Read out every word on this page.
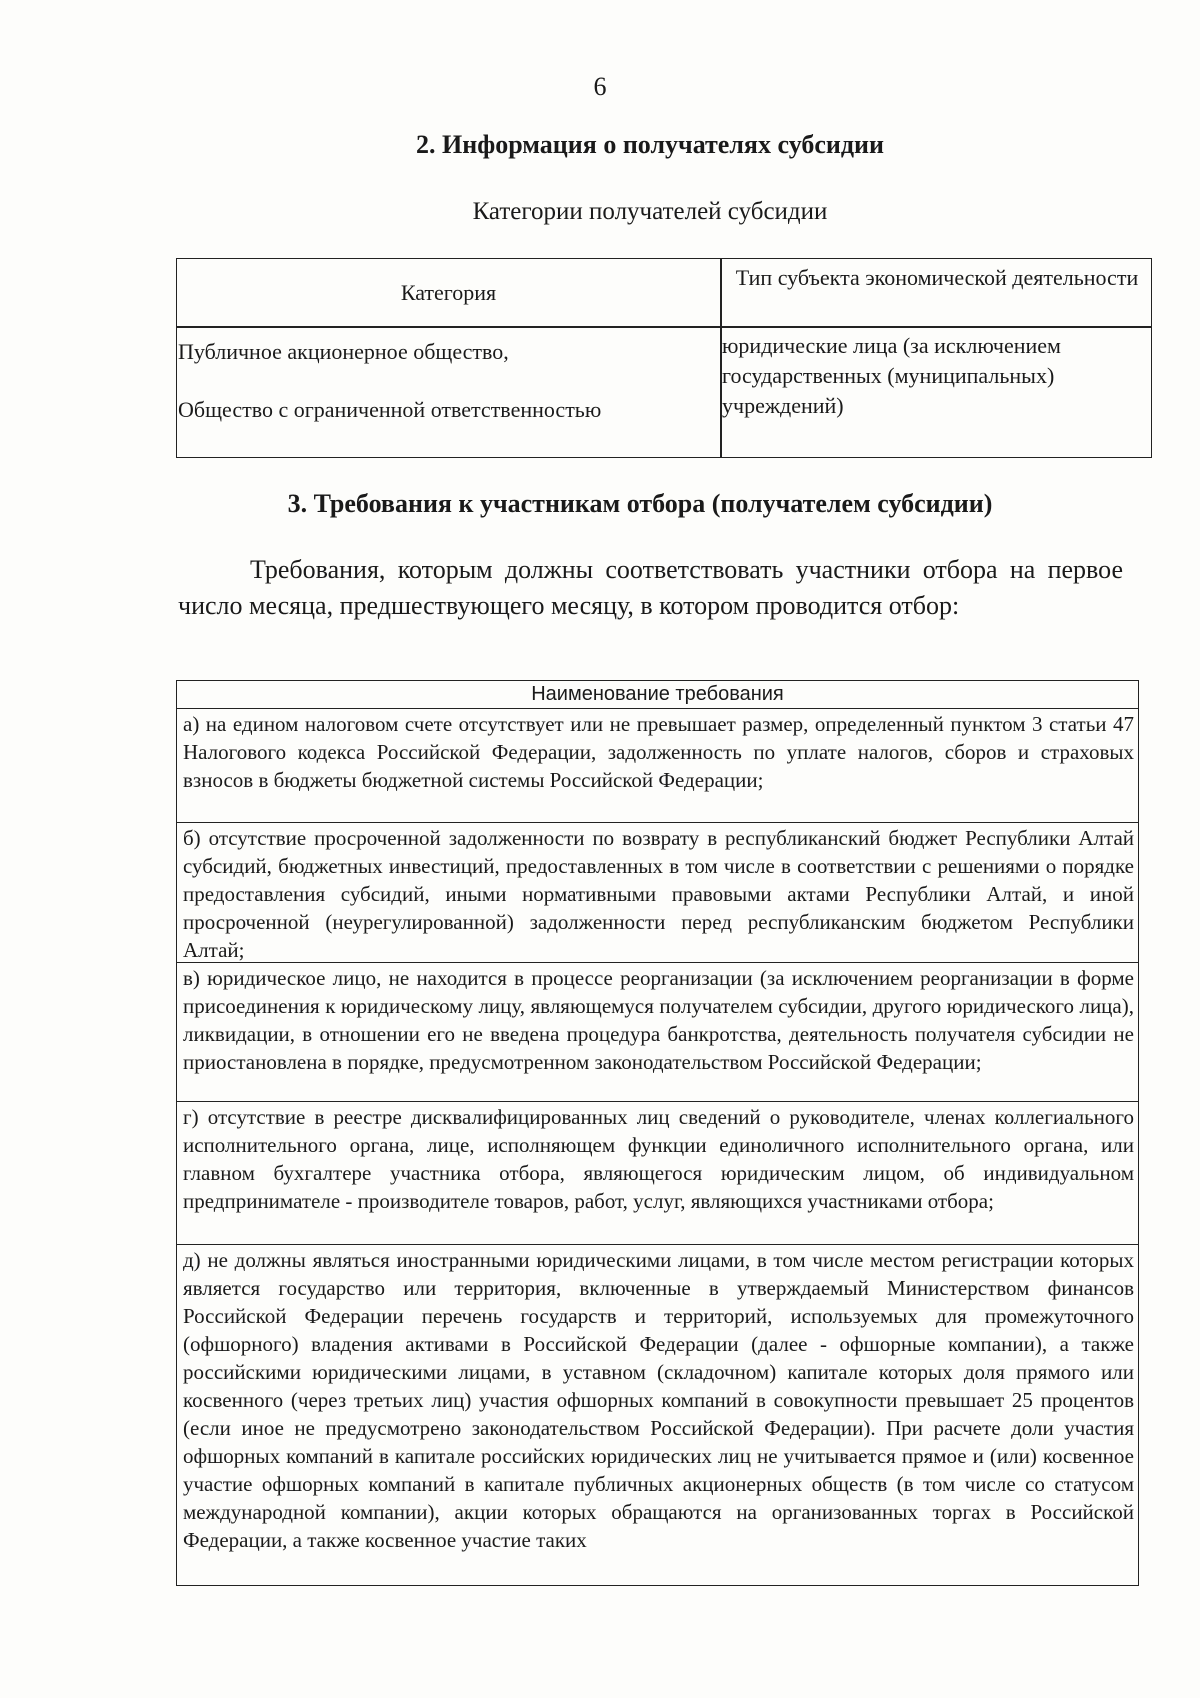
6
2. Информация о получателях субсидии
Категории получателей субсидии
Категория
Тип субъекта экономической деятельности
Публичное акционерное общество,
Общество с ограниченной ответственностью
юридические лица (за исключением государственных (муниципальных) учреждений)
3. Требования к участникам отбора (получателем субсидии)
Требования, которым должны соответствовать участники отбора на первое число месяца, предшествующего месяцу, в котором проводится отбор:
Наименование требования
а) на едином налоговом счете отсутствует или не превышает размер, определенный пунктом 3 статьи 47 Налогового кодекса Российской Федерации, задолженность по уплате налогов, сборов и страховых взносов в бюджеты бюджетной системы Российской Федерации;
б) отсутствие просроченной задолженности по возврату в республиканский бюджет Республики Алтай субсидий, бюджетных инвестиций, предоставленных в том числе в соответствии с решениями о порядке предоставления субсидий, иными нормативными правовыми актами Республики Алтай, и иной просроченной (неурегулированной) задолженности перед республиканским бюджетом Республики Алтай;
в) юридическое лицо, не находится в процессе реорганизации (за исключением реорганизации в форме присоединения к юридическому лицу, являющемуся получателем субсидии, другого юридического лица), ликвидации, в отношении его не введена процедура банкротства, деятельность получателя субсидии не приостановлена в порядке, предусмотренном законодательством Российской Федерации;
г) отсутствие в реестре дисквалифицированных лиц сведений о руководителе, членах коллегиального исполнительного органа, лице, исполняющем функции единоличного исполнительного органа, или главном бухгалтере участника отбора, являющегося юридическим лицом, об индивидуальном предпринимателе - производителе товаров, работ, услуг, являющихся участниками отбора;
д) не должны являться иностранными юридическими лицами, в том числе местом регистрации которых является государство или территория, включенные в утверждаемый Министерством финансов Российской Федерации перечень государств и территорий, используемых для промежуточного (офшорного) владения активами в Российской Федерации (далее - офшорные компании), а также российскими юридическими лицами, в уставном (складочном) капитале которых доля прямого или косвенного (через третьих лиц) участия офшорных компаний в совокупности превышает 25 процентов (если иное не предусмотрено законодательством Российской Федерации). При расчете доли участия офшорных компаний в капитале российских юридических лиц не учитывается прямое и (или) косвенное участие офшорных компаний в капитале публичных акционерных обществ (в том числе со статусом международной компании), акции которых обращаются на организованных торгах в Российской Федерации, а также косвенное участие таких
